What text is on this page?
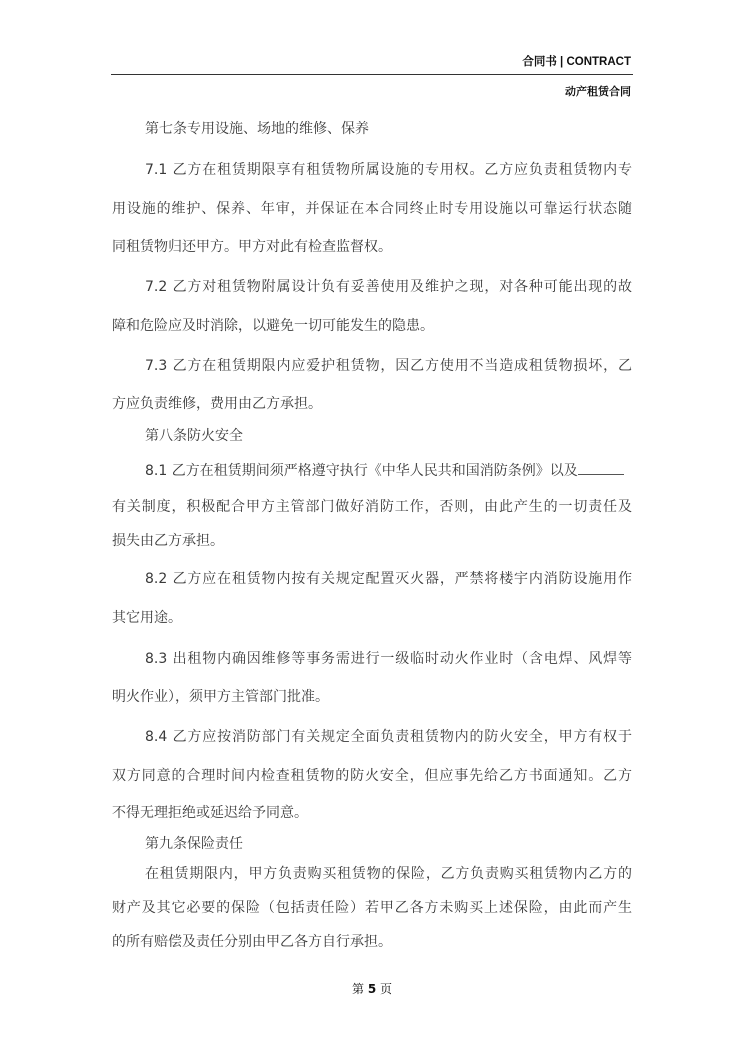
合同书 | CONTRACT
动产租赁合同
第七条专用设施、场地的维修、保养
7.1 乙方在租赁期限享有租赁物所属设施的专用权。乙方应负责租赁物内专
用设施的维护、保养、年审，并保证在本合同终止时专用设施以可靠运行状态随
同租赁物归还甲方。甲方对此有检查监督权。
7.2 乙方对租赁物附属设计负有妥善使用及维护之现，对各种可能出现的故
障和危险应及时消除，以避免一切可能发生的隐患。
7.3 乙方在租赁期限内应爱护租赁物，因乙方使用不当造成租赁物损坏，乙
方应负责维修，费用由乙方承担。
第八条防火安全
8.1 乙方在租赁期间须严格遵守执行《中华人民共和国消防条例》以及
有关制度，积极配合甲方主管部门做好消防工作，否则，由此产生的一切责任及
损失由乙方承担。
8.2 乙方应在租赁物内按有关规定配置灭火器，严禁将楼宇内消防设施用作
其它用途。
8.3 出租物内确因维修等事务需进行一级临时动火作业时（含电焊、风焊等
明火作业），须甲方主管部门批准。
8.4 乙方应按消防部门有关规定全面负责租赁物内的防火安全，甲方有权于
双方同意的合理时间内检查租赁物的防火安全，但应事先给乙方书面通知。乙方
不得无理拒绝或延迟给予同意。
第九条保险责任
在租赁期限内，甲方负责购买租赁物的保险，乙方负责购买租赁物内乙方的
财产及其它必要的保险（包括责任险）若甲乙各方未购买上述保险，由此而产生
的所有赔偿及责任分别由甲乙各方自行承担。
第 5 页
